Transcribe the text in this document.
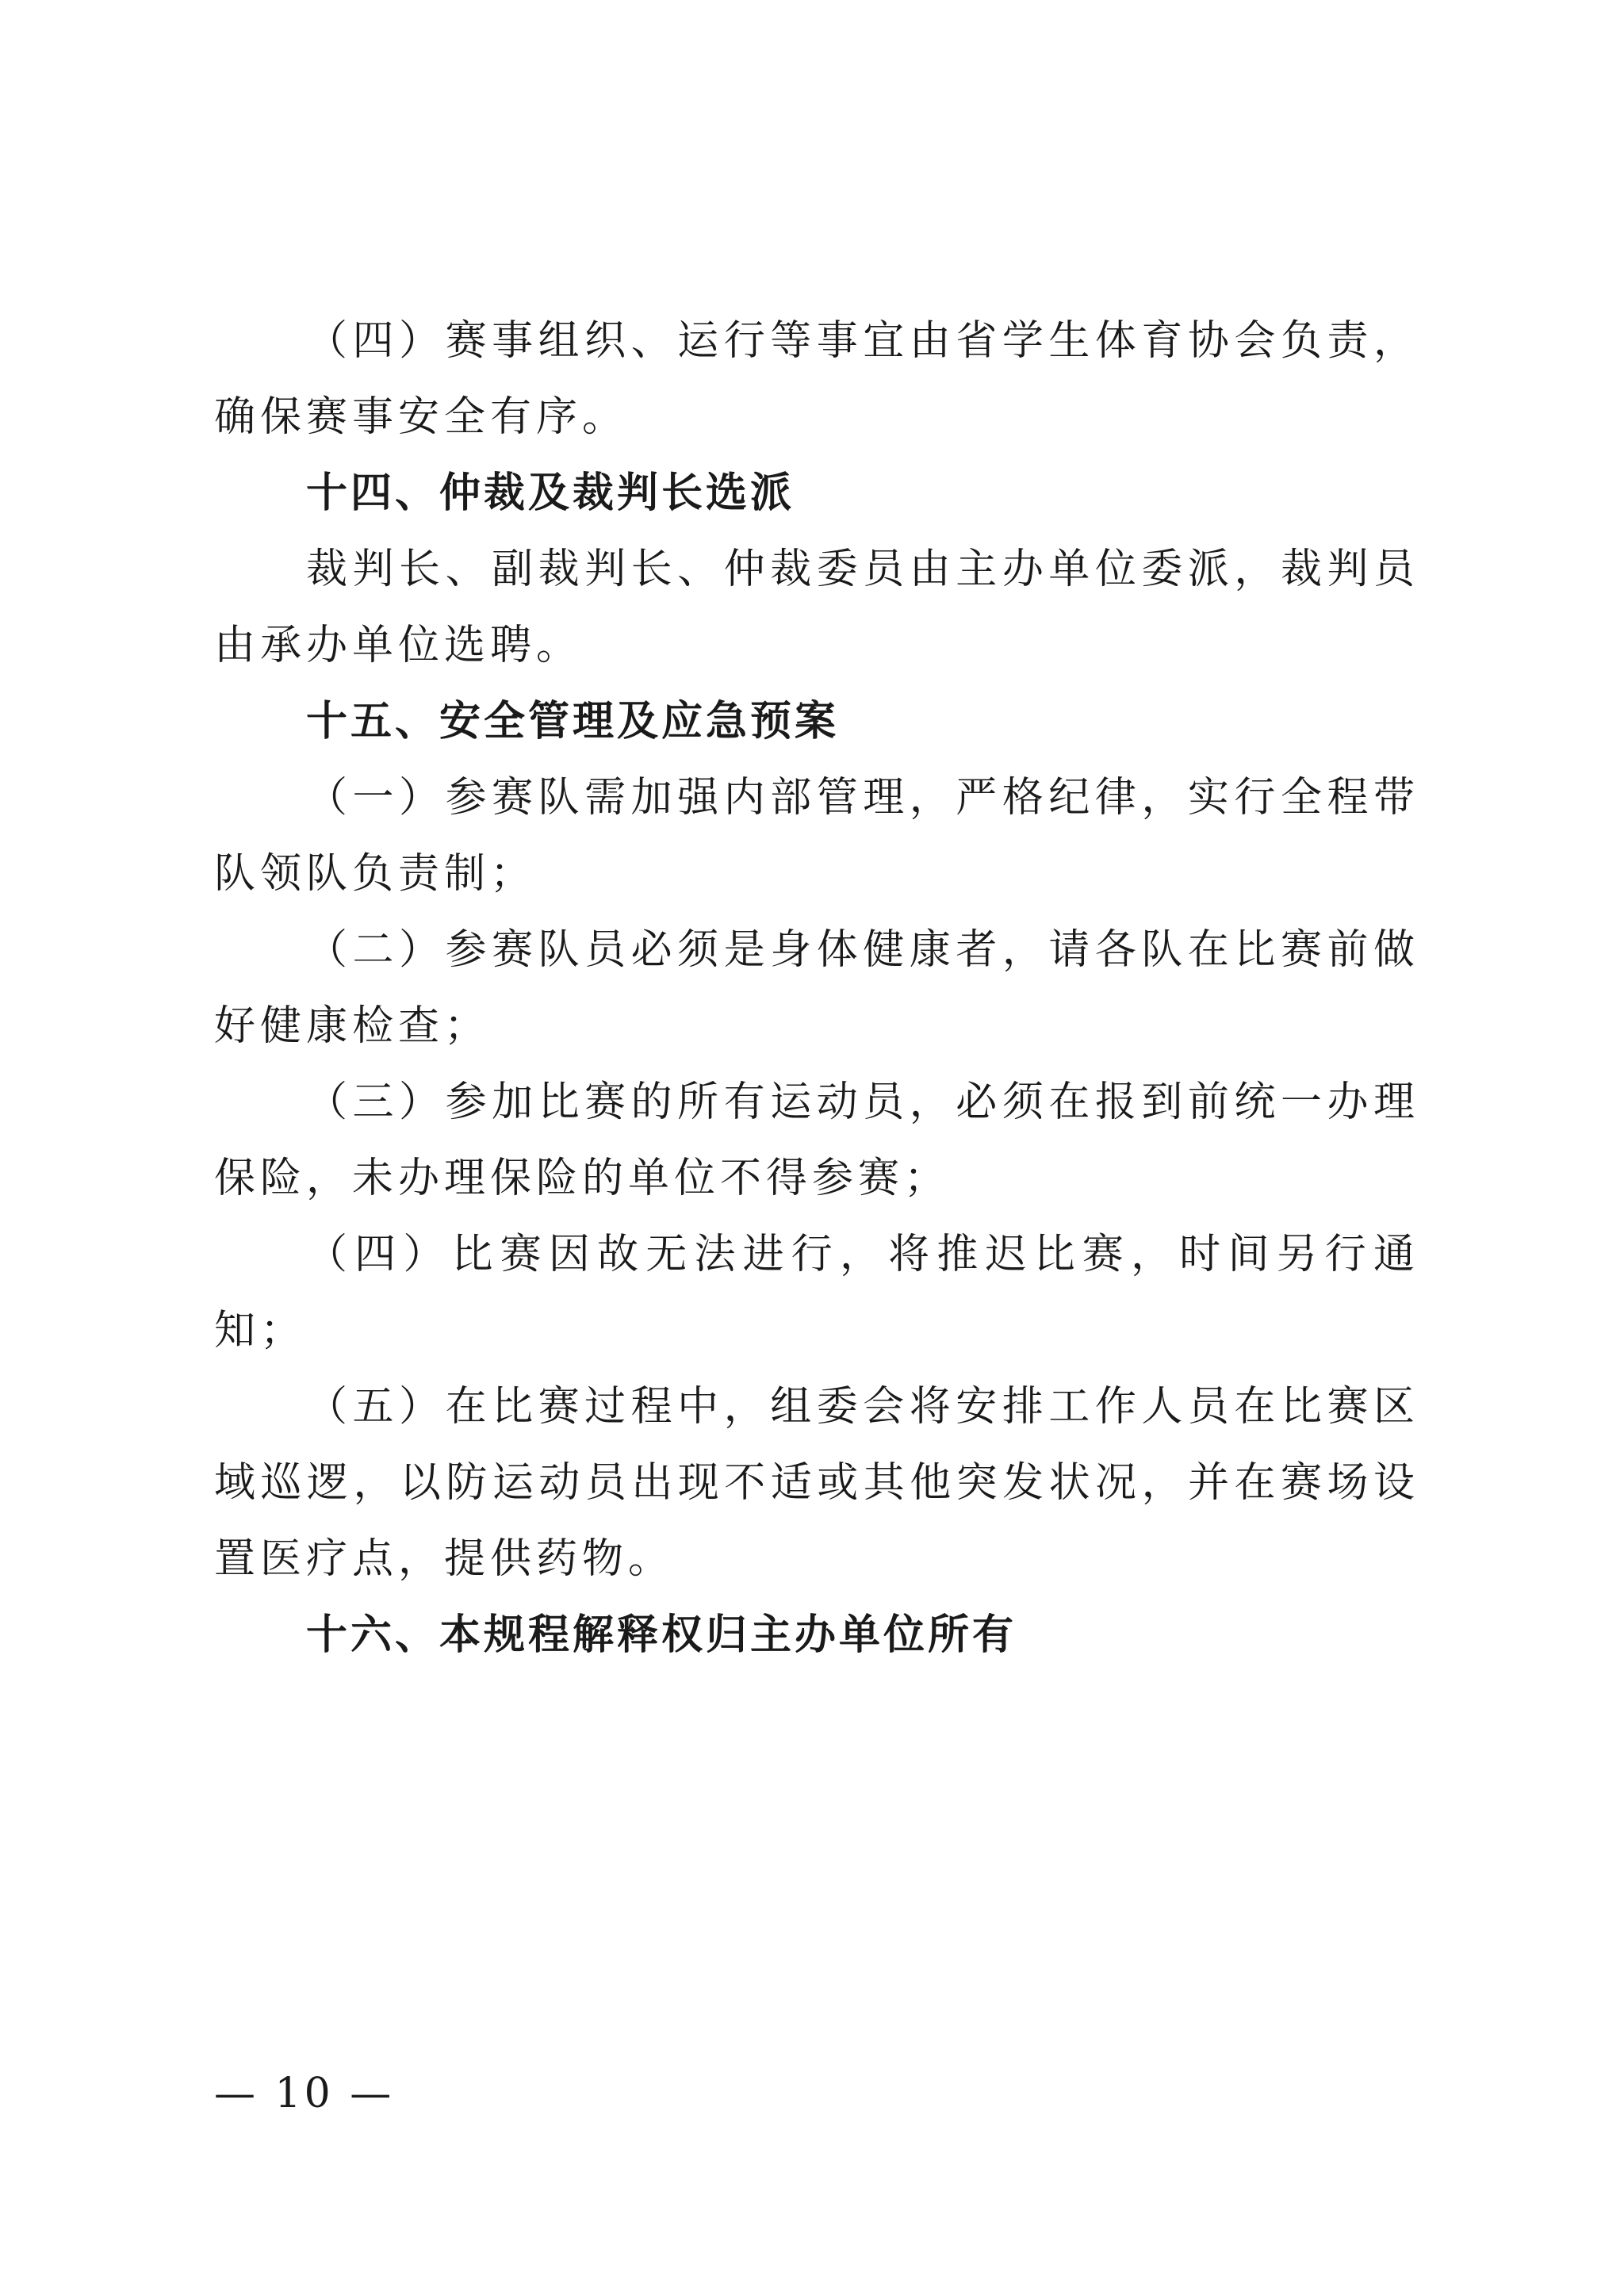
（四）赛事组织、运行等事宜由省学生体育协会负责，确保赛事安全有序。

十四、仲裁及裁判长选派

裁判长、副裁判长、仲裁委员由主办单位委派，裁判员由承办单位选聘。

十五、安全管理及应急预案

（一）参赛队需加强内部管理，严格纪律，实行全程带队领队负责制；

（二）参赛队员必须是身体健康者，请各队在比赛前做好健康检查；

（三）参加比赛的所有运动员，必须在报到前统一办理保险，未办理保险的单位不得参赛；

（四）比赛因故无法进行，将推迟比赛，时间另行通知；

（五）在比赛过程中，组委会将安排工作人员在比赛区域巡逻，以防运动员出现不适或其他突发状况，并在赛场设置医疗点，提供药物。

十六、本规程解释权归主办单位所有

— 10 —
